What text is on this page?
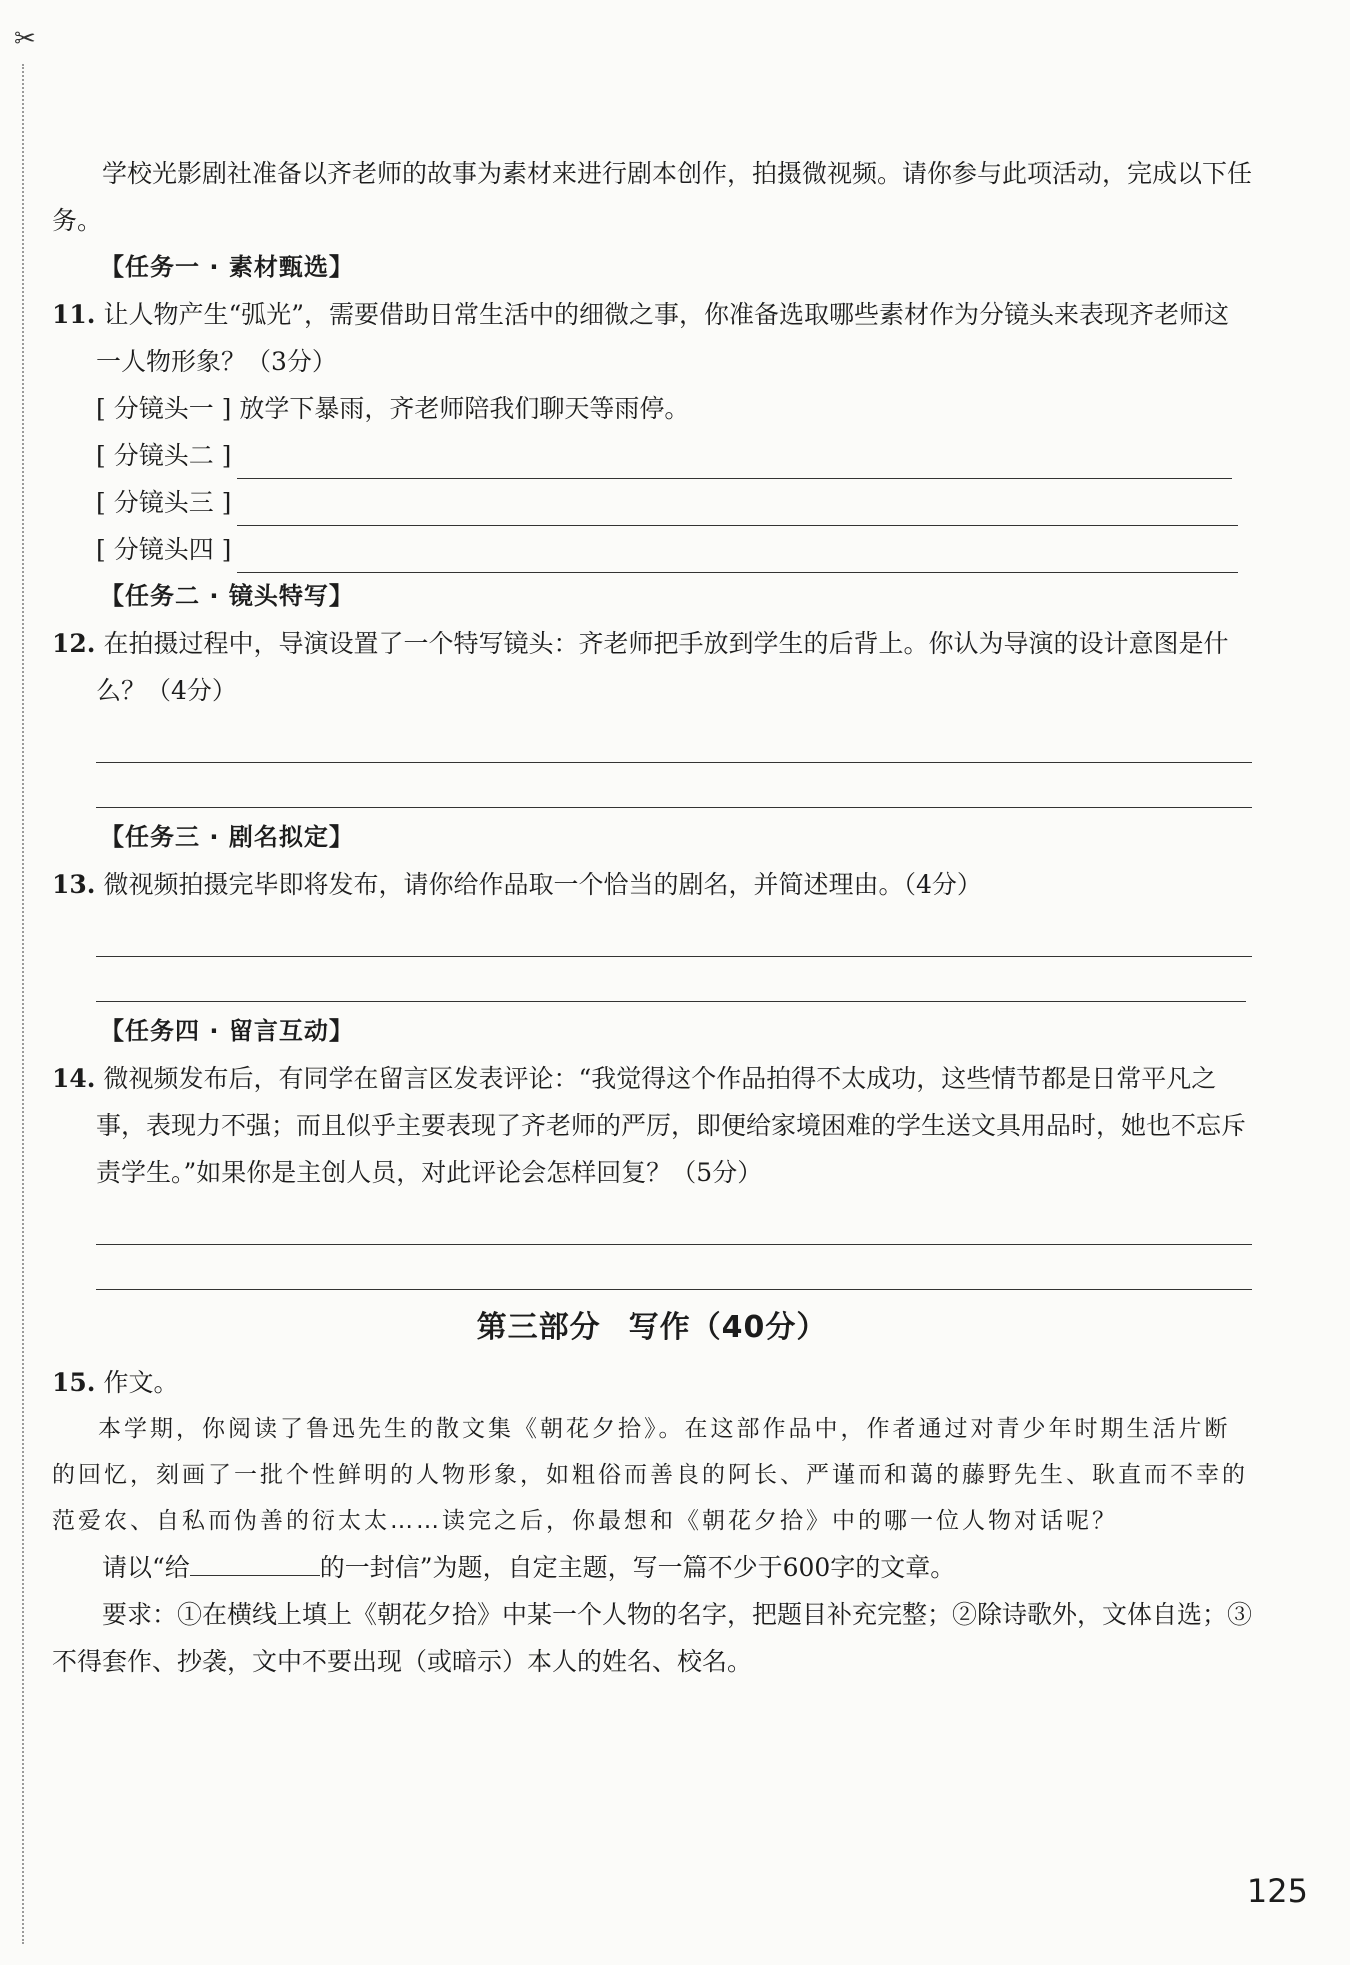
✂

学校光影剧社准备以齐老师的故事为素材来进行剧本创作，拍摄微视频。请你参与此项活动，完成以下任务。

【任务一 · 素材甄选】

11. 让人物产生“弧光”，需要借助日常生活中的细微之事，你准备选取哪些素材作为分镜头来表现齐老师这一人物形象？（3分）

[ 分镜头一 ] 放学下暴雨，齐老师陪我们聊天等雨停。

[ 分镜头二 ]
[ 分镜头三 ]
[ 分镜头四 ]

【任务二 · 镜头特写】

12. 在拍摄过程中，导演设置了一个特写镜头：齐老师把手放到学生的后背上。你认为导演的设计意图是什么？（4分）

【任务三 · 剧名拟定】

13. 微视频拍摄完毕即将发布，请你给作品取一个恰当的剧名，并简述理由。（4分）

【任务四 · 留言互动】

14. 微视频发布后，有同学在留言区发表评论：“我觉得这个作品拍得不太成功，这些情节都是日常平凡之事，表现力不强；而且似乎主要表现了齐老师的严厉，即便给家境困难的学生送文具用品时，她也不忘斥责学生。”如果你是主创人员，对此评论会怎样回复？（5分）

第三部分 写作（40分）

15. 作文。

本学期，你阅读了鲁迅先生的散文集《朝花夕拾》。在这部作品中，作者通过对青少年时期生活片断的回忆，刻画了一批个性鲜明的人物形象，如粗俗而善良的阿长、严谨而和蔼的藤野先生、耿直而不幸的范爱农、自私而伪善的衍太太……读完之后，你最想和《朝花夕拾》中的哪一位人物对话呢？

请以“给	的一封信”为题，自定主题，写一篇不少于600字的文章。

要求：①在横线上填上《朝花夕拾》中某一个人物的名字，把题目补充完整；②除诗歌外，文体自选；③不得套作、抄袭，文中不要出现（或暗示）本人的姓名、校名。

125
